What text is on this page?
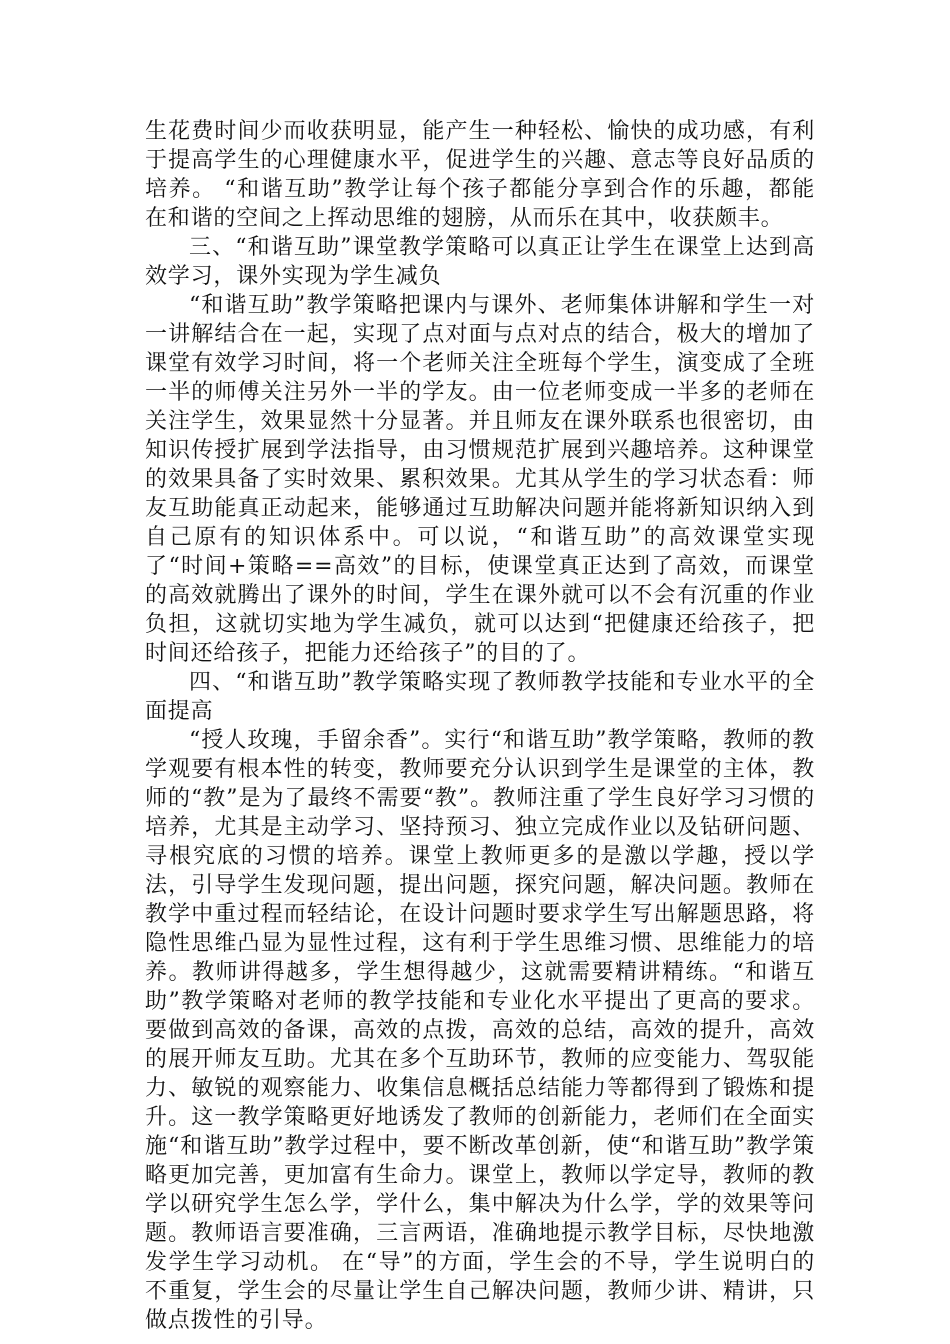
生花费时间少而收获明显，能产生一种轻松、愉快的成功感，有利于提高学生的心理健康水平，促进学生的兴趣、意志等良好品质的培养。 “和谐互助”教学让每个孩子都能分享到合作的乐趣，都能在和谐的空间之上挥动思维的翅膀，从而乐在其中，收获颇丰。

三、“和谐互助”课堂教学策略可以真正让学生在课堂上达到高效学习，课外实现为学生减负

“和谐互助”教学策略把课内与课外、老师集体讲解和学生一对一讲解结合在一起，实现了点对面与点对点的结合，极大的增加了课堂有效学习时间，将一个老师关注全班每个学生，演变成了全班一半的师傅关注另外一半的学友。由一位老师变成一半多的老师在关注学生，效果显然十分显著。并且师友在课外联系也很密切，由知识传授扩展到学法指导，由习惯规范扩展到兴趣培养。这种课堂的效果具备了实时效果、累积效果。尤其从学生的学习状态看：师友互助能真正动起来，能够通过互助解决问题并能将新知识纳入到自己原有的知识体系中。可以说，“和谐互助”的高效课堂实现了“时间+策略==高效”的目标，使课堂真正达到了高效，而课堂的高效就腾出了课外的时间，学生在课外就可以不会有沉重的作业负担，这就切实地为学生减负，就可以达到“把健康还给孩子，把时间还给孩子，把能力还给孩子”的目的了。

四、“和谐互助”教学策略实现了教师教学技能和专业水平的全面提高

“授人玫瑰，手留余香”。实行“和谐互助”教学策略，教师的教学观要有根本性的转变，教师要充分认识到学生是课堂的主体，教师的“教”是为了最终不需要“教”。教师注重了学生良好学习习惯的培养，尤其是主动学习、坚持预习、独立完成作业以及钻研问题、寻根究底的习惯的培养。课堂上教师更多的是激以学趣，授以学法，引导学生发现问题，提出问题，探究问题，解决问题。教师在教学中重过程而轻结论，在设计问题时要求学生写出解题思路，将隐性思维凸显为显性过程，这有利于学生思维习惯、思维能力的培养。教师讲得越多，学生想得越少，这就需要精讲精练。“和谐互助”教学策略对老师的教学技能和专业化水平提出了更高的要求。要做到高效的备课，高效的点拨，高效的总结，高效的提升，高效的展开师友互助。尤其在多个互助环节，教师的应变能力、驾驭能力、敏锐的观察能力、收集信息概括总结能力等都得到了锻炼和提升。这一教学策略更好地诱发了教师的创新能力，老师们在全面实施“和谐互助”教学过程中，要不断改革创新，使“和谐互助”教学策略更加完善，更加富有生命力。课堂上，教师以学定导，教师的教学以研究学生怎么学，学什么，集中解决为什么学，学的效果等问题。教师语言要准确，三言两语，准确地提示教学目标，尽快地激发学生学习动机。 在“导”的方面，学生会的不导，学生说明白的不重复，学生会的尽量让学生自己解决问题，教师少讲、精讲，只做点拨性的引导。
